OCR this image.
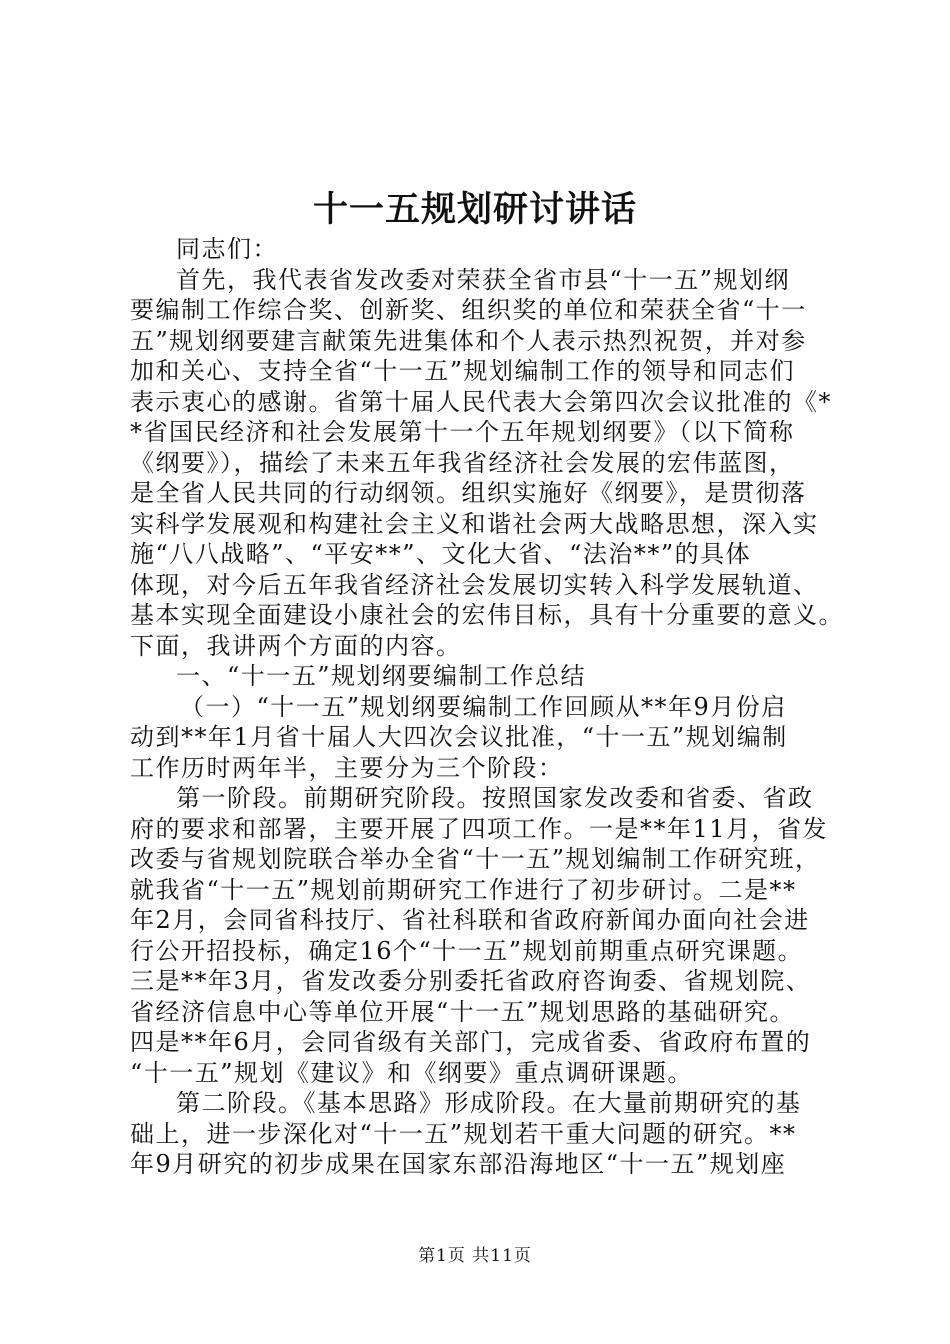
十一五规划研讨讲话
同志们：
首先，我代表省发改委对荣获全省市县“十一五”规划纲
要编制工作综合奖、创新奖、组织奖的单位和荣获全省“十一
五”规划纲要建言献策先进集体和个人表示热烈祝贺，并对参
加和关心、支持全省“十一五”规划编制工作的领导和同志们
表示衷心的感谢。省第十届人民代表大会第四次会议批准的《*
*省国民经济和社会发展第十一个五年规划纲要》（以下简称
《纲要》），描绘了未来五年我省经济社会发展的宏伟蓝图，
是全省人民共同的行动纲领。组织实施好《纲要》，是贯彻落
实科学发展观和构建社会主义和谐社会两大战略思想，深入实
施“八八战略”、“平安**”、文化大省、“法治**”的具体
体现，对今后五年我省经济社会发展切实转入科学发展轨道、
基本实现全面建设小康社会的宏伟目标，具有十分重要的意义。
下面，我讲两个方面的内容。
一、“十一五”规划纲要编制工作总结
（一）“十一五”规划纲要编制工作回顾从**年9月份启
动到**年1月省十届人大四次会议批准，“十一五”规划编制
工作历时两年半，主要分为三个阶段：
第一阶段。前期研究阶段。按照国家发改委和省委、省政
府的要求和部署，主要开展了四项工作。一是**年11月，省发
改委与省规划院联合举办全省“十一五”规划编制工作研究班，
就我省“十一五”规划前期研究工作进行了初步研讨。二是**
年2月，会同省科技厅、省社科联和省政府新闻办面向社会进
行公开招投标，确定16个“十一五”规划前期重点研究课题。
三是**年3月，省发改委分别委托省政府咨询委、省规划院、
省经济信息中心等单位开展“十一五”规划思路的基础研究。
四是**年6月，会同省级有关部门，完成省委、省政府布置的
“十一五”规划《建议》和《纲要》重点调研课题。
第二阶段。《基本思路》形成阶段。在大量前期研究的基
础上，进一步深化对“十一五”规划若干重大问题的研究。**
年9月研究的初步成果在国家东部沿海地区“十一五”规划座
第1页 共11页
